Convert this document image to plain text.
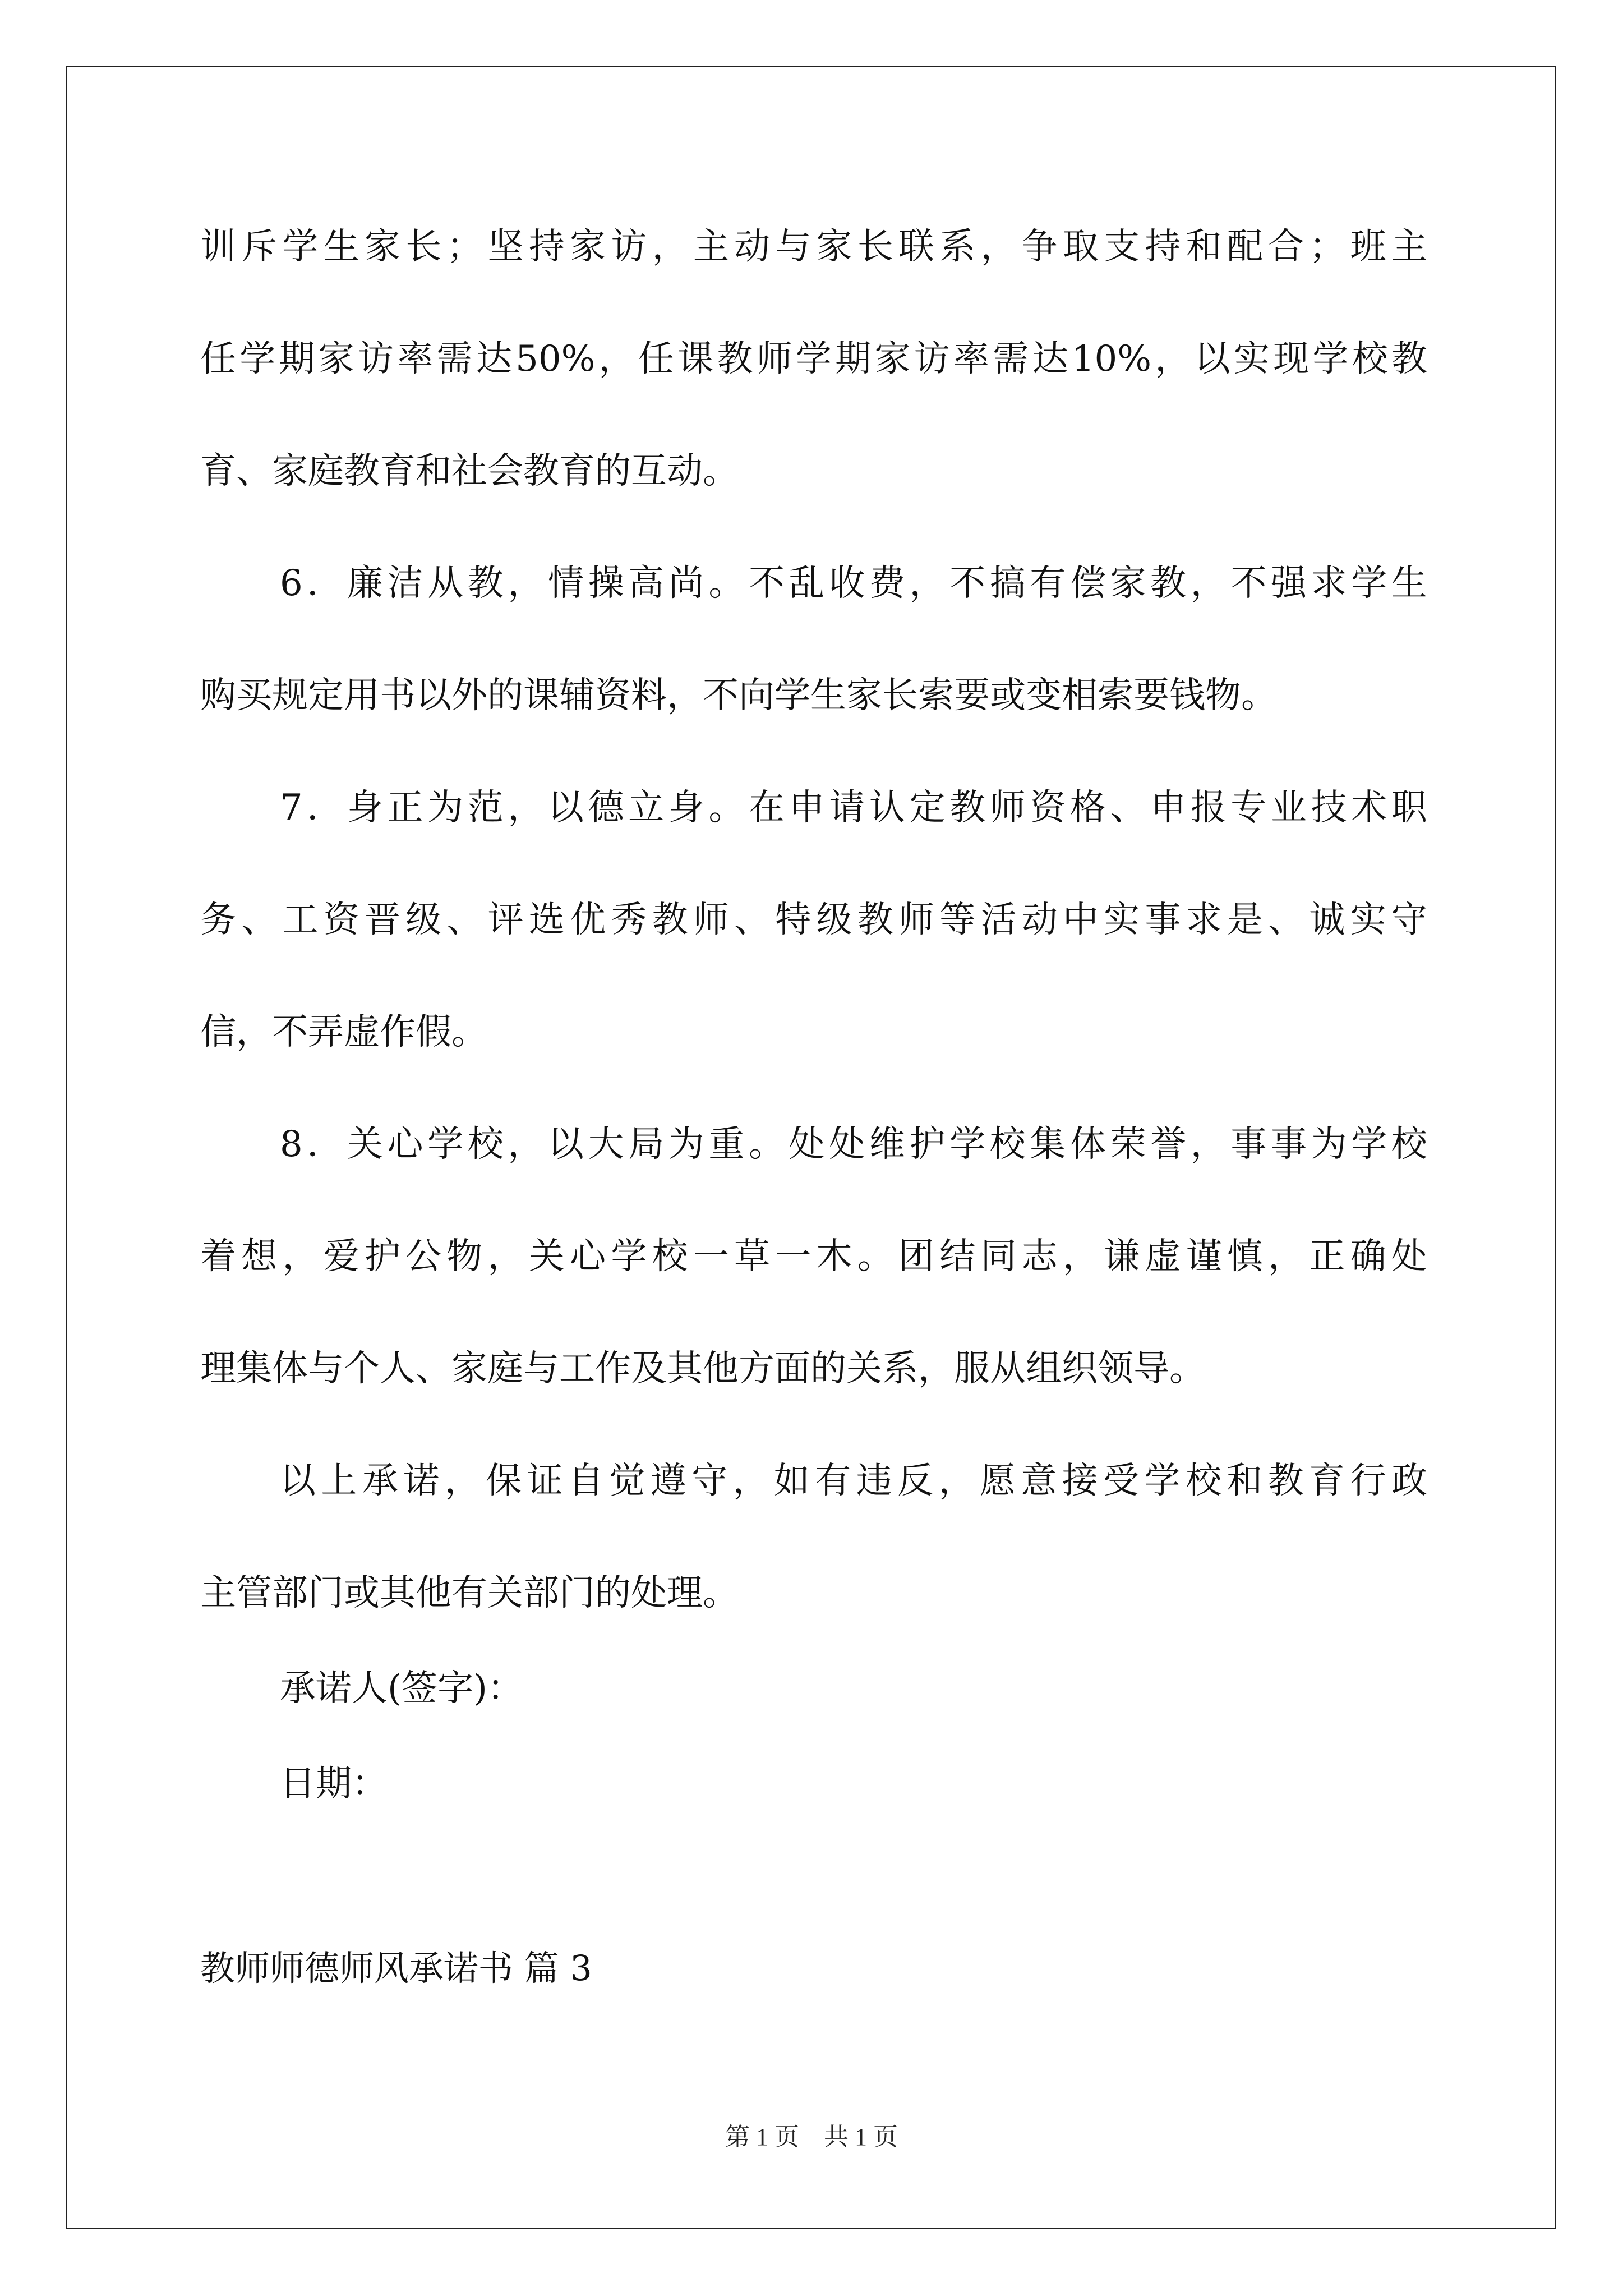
训 斥 学 生 家 长 ； 坚 持 家 访 ， 主 动 与 家 长 联 系 ， 争 取 支 持 和 配 合 ； 班 主

任 学 期 家 访 率 需 达 50% ， 任 课 教 师 学 期 家 访 率 需 达 10% ， 以 实 现 学 校 教

育、家庭教育和社会教育的互动。

6 ． 廉 洁 从 教 ， 情 操 高 尚 。 不 乱 收 费 ， 不 搞 有 偿 家 教 ， 不 强 求 学 生

购买规定用书以外的课辅资料，不向学生家长索要或变相索要钱物。

7 ． 身 正 为 范 ， 以 德 立 身 。 在 申 请 认 定 教 师 资 格 、 申 报 专 业 技 术 职

务 、 工 资 晋 级 、 评 选 优 秀 教 师 、 特 级 教 师 等 活 动 中 实 事 求 是 、 诚 实 守

信，不弄虚作假。

8 ． 关 心 学 校 ， 以 大 局 为 重 。 处 处 维 护 学 校 集 体 荣 誉 ， 事 事 为 学 校

着 想 ， 爱 护 公 物 ， 关 心 学 校 一 草 一 木 。 团 结 同 志 ， 谦 虚 谨 慎 ， 正 确 处

理集体与个人、家庭与工作及其他方面的关系，服从组织领导。

以 上 承 诺 ， 保 证 自 觉 遵 守 ， 如 有 违 反 ， 愿 意 接 受 学 校 和 教 育 行 政

主管部门或其他有关部门的处理。

承诺人(签字)：

日期：

教师师德师风承诺书 篇 3

第 1 页　共 1 页
